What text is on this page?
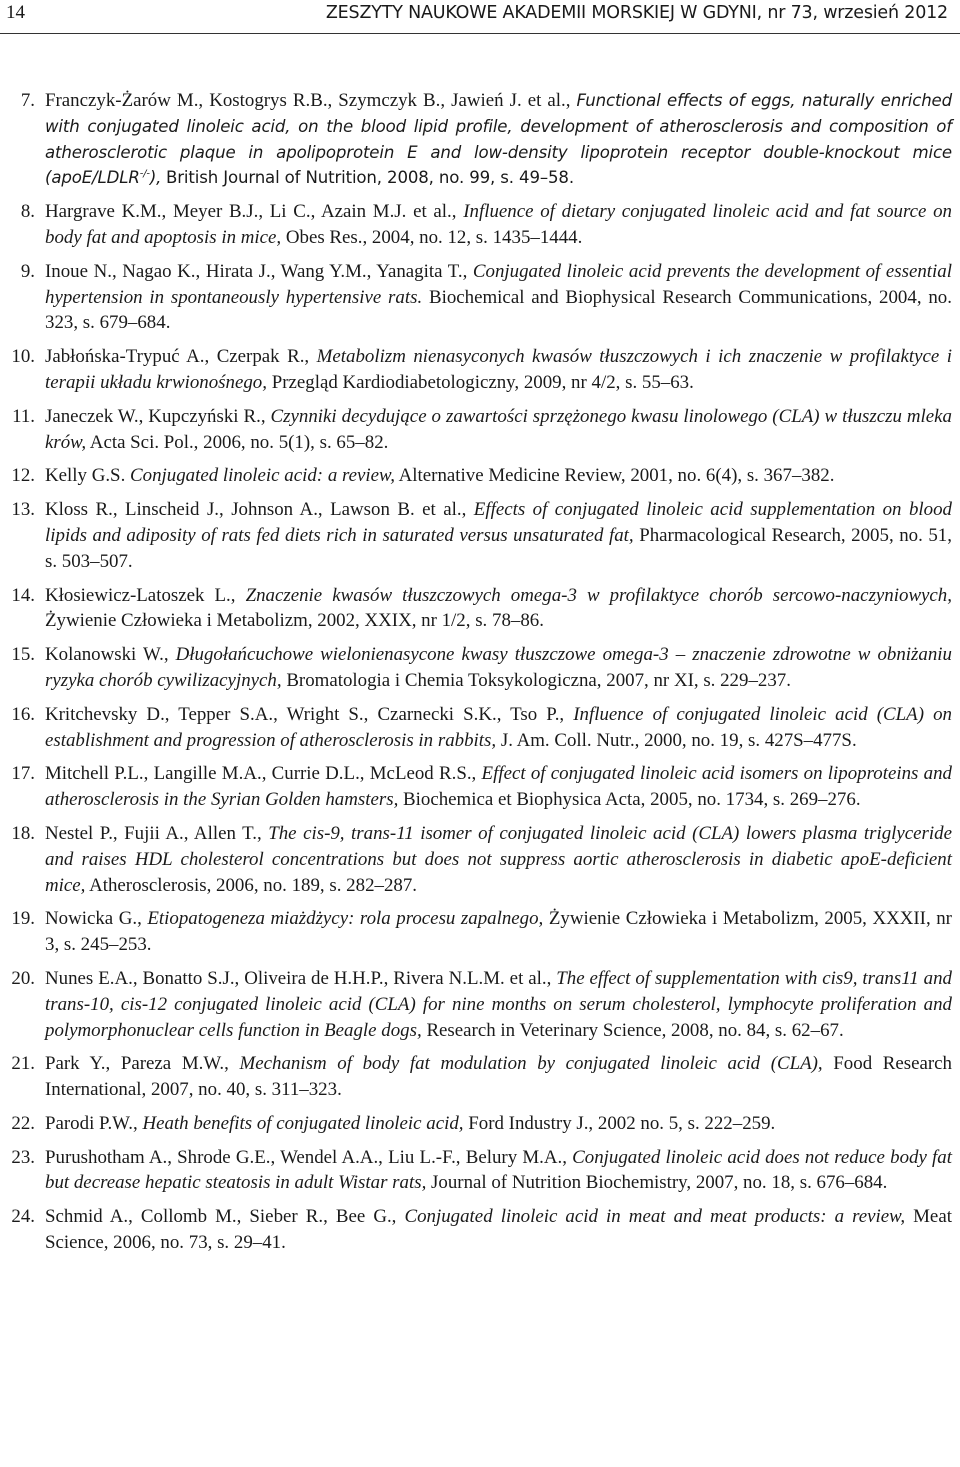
14	ZESZYTY NAUKOWE AKADEMII MORSKIEJ W GDYNI, nr 73, wrzesień 2012
7. Franczyk-Żarów M., Kostogrys R.B., Szymczyk B., Jawień J. et al., Functional effects of eggs, naturally enriched with conjugated linoleic acid, on the blood lipid profile, development of atherosclerosis and composition of atherosclerotic plaque in apolipoprotein E and low-density lipoprotein receptor double-knockout mice (apoE/LDLR-/-), British Journal of Nutrition, 2008, no. 99, s. 49–58.
8. Hargrave K.M., Meyer B.J., Li C., Azain M.J. et al., Influence of dietary conjugated linoleic acid and fat source on body fat and apoptosis in mice, Obes Res., 2004, no. 12, s. 1435–1444.
9. Inoue N., Nagao K., Hirata J., Wang Y.M., Yanagita T., Conjugated linoleic acid prevents the development of essential hypertension in spontaneously hypertensive rats. Biochemical and Biophysical Research Communications, 2004, no. 323, s. 679–684.
10. Jabłońska-Trypuć A., Czerpak R., Metabolizm nienasyconych kwasów tłuszczowych i ich znaczenie w profilaktyce i terapii układu krwionośnego, Przegląd Kardiodiabetologiczny, 2009, nr 4/2, s. 55–63.
11. Janeczek W., Kupczyński R., Czynniki decydujące o zawartości sprzężonego kwasu linolowego (CLA) w tłuszczu mleka krów, Acta Sci. Pol., 2006, no. 5(1), s. 65–82.
12. Kelly G.S. Conjugated linoleic acid: a review, Alternative Medicine Review, 2001, no. 6(4), s. 367–382.
13. Kloss R., Linscheid J., Johnson A., Lawson B. et al., Effects of conjugated linoleic acid supplementation on blood lipids and adiposity of rats fed diets rich in saturated versus unsaturated fat, Pharmacological Research, 2005, no. 51, s. 503–507.
14. Kłosiewicz-Latoszek L., Znaczenie kwasów tłuszczowych omega-3 w profilaktyce chorób sercowo-naczyniowych, Żywienie Człowieka i Metabolizm, 2002, XXIX, nr 1/2, s. 78–86.
15. Kolanowski W., Długołańcuchowe wielonienasycone kwasy tłuszczowe omega-3 – znaczenie zdrowotne w obniżaniu ryzyka chorób cywilizacyjnych, Bromatologia i Chemia Toksykologiczna, 2007, nr XI, s. 229–237.
16. Kritchevsky D., Tepper S.A., Wright S., Czarnecki S.K., Tso P., Influence of conjugated linoleic acid (CLA) on establishment and progression of atherosclerosis in rabbits, J. Am. Coll. Nutr., 2000, no. 19, s. 427S–477S.
17. Mitchell P.L., Langille M.A., Currie D.L., McLeod R.S., Effect of conjugated linoleic acid isomers on lipoproteins and atherosclerosis in the Syrian Golden hamsters, Biochemica et Biophysica Acta, 2005, no. 1734, s. 269–276.
18. Nestel P., Fujii A., Allen T., The cis-9, trans-11 isomer of conjugated linoleic acid (CLA) lowers plasma triglyceride and raises HDL cholesterol concentrations but does not suppress aortic atherosclerosis in diabetic apoE-deficient mice, Atherosclerosis, 2006, no. 189, s. 282–287.
19. Nowicka G., Etiopatogeneza miażdżycy: rola procesu zapalnego, Żywienie Człowieka i Metabolizm, 2005, XXXII, nr 3, s. 245–253.
20. Nunes E.A., Bonatto S.J., Oliveira de H.H.P., Rivera N.L.M. et al., The effect of supplementation with cis9, trans11 and trans-10, cis-12 conjugated linoleic acid (CLA) for nine months on serum cholesterol, lymphocyte proliferation and polymorphonuclear cells function in Beagle dogs, Research in Veterinary Science, 2008, no. 84, s. 62–67.
21. Park Y., Pareza M.W., Mechanism of body fat modulation by conjugated linoleic acid (CLA), Food Research International, 2007, no. 40, s. 311–323.
22. Parodi P.W., Heath benefits of conjugated linoleic acid, Ford Industry J., 2002 no. 5, s. 222–259.
23. Purushotham A., Shrode G.E., Wendel A.A., Liu L.-F., Belury M.A., Conjugated linoleic acid does not reduce body fat but decrease hepatic steatosis in adult Wistar rats, Journal of Nutrition Biochemistry, 2007, no. 18, s. 676–684.
24. Schmid A., Collomb M., Sieber R., Bee G., Conjugated linoleic acid in meat and meat products: a review, Meat Science, 2006, no. 73, s. 29–41.
